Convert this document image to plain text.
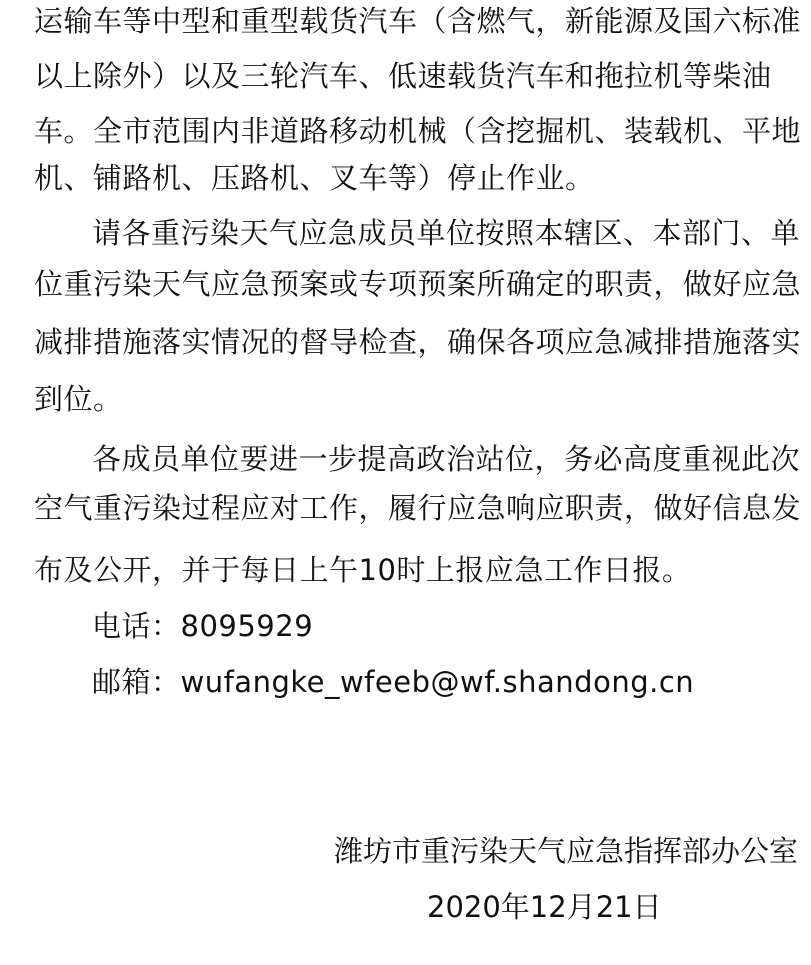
运输车等中型和重型载货汽车（含燃气，新能源及国六标准
以上除外）以及三轮汽车、低速载货汽车和拖拉机等柴油
车。全市范围内非道路移动机械（含挖掘机、装载机、平地
机、铺路机、压路机、叉车等）停止作业。
请各重污染天气应急成员单位按照本辖区、本部门、单
位重污染天气应急预案或专项预案所确定的职责，做好应急
减排措施落实情况的督导检查，确保各项应急减排措施落实
到位。
各成员单位要进一步提高政治站位，务必高度重视此次
空气重污染过程应对工作，履行应急响应职责，做好信息发
布及公开，并于每日上午10时上报应急工作日报。
电话：8095929
邮箱：wufangke_wfeeb@wf.shandong.cn
潍坊市重污染天气应急指挥部办公室
2020年12月21日
